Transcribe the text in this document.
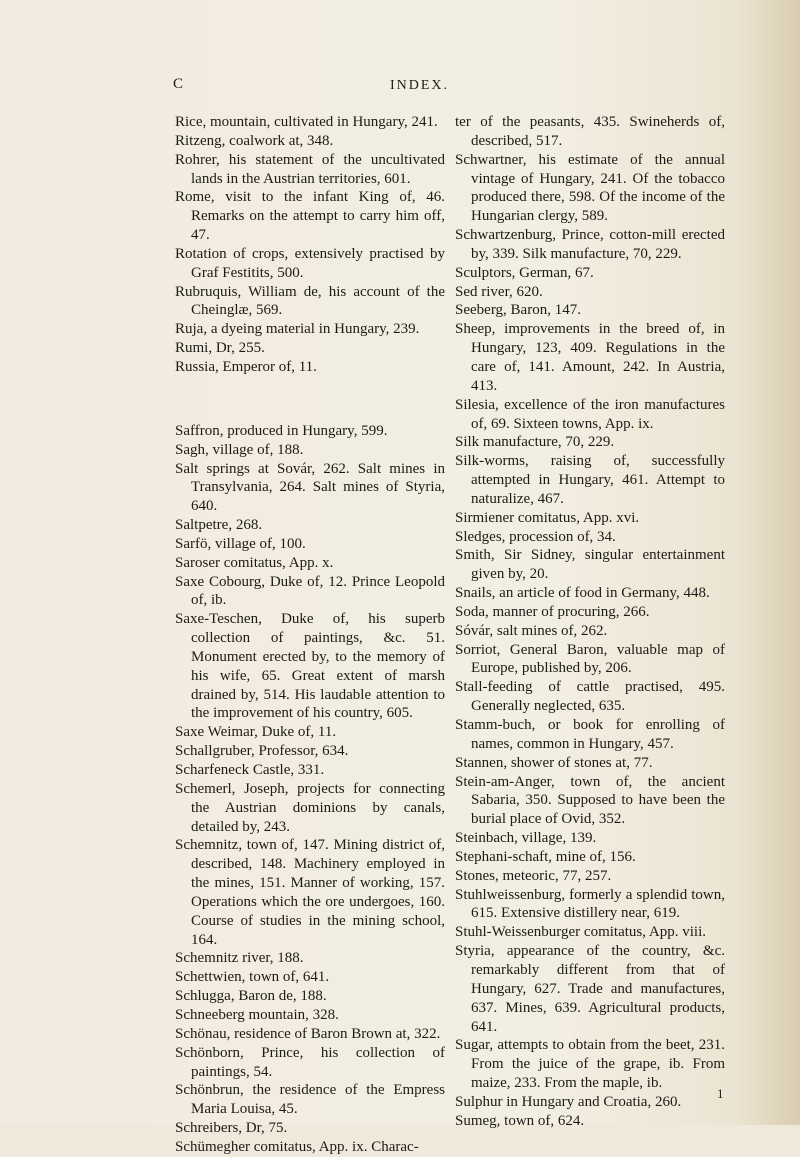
C	INDEX.

Rice, mountain, cultivated in Hungary, 241.

Ritzeng, coalwork at, 348.

Rohrer, his statement of the uncultivated lands in the Austrian territories, 601.

Rome, visit to the infant King of, 46. Remarks on the attempt to carry him off, 47.

Rotation of crops, extensively practised by Graf Festitits, 500.

Rubruquis, William de, his account of the Cheinglæ, 569.

Ruja, a dyeing material in Hungary, 239.

Rumi, Dr, 255.

Russia, Emperor of, 11.

Saffron, produced in Hungary, 599.

Sagh, village of, 188.

Salt springs at Sovár, 262. Salt mines in Transylvania, 264. Salt mines of Styria, 640.

Saltpetre, 268.

Sarfö, village of, 100.

Saroser comitatus, App. x.

Saxe Cobourg, Duke of, 12. Prince Leopold of, ib.

Saxe-Teschen, Duke of, his superb collection of paintings, &c. 51. Monument erected by, to the memory of his wife, 65. Great extent of marsh drained by, 514. His laudable attention to the improvement of his country, 605.

Saxe Weimar, Duke of, 11.

Schallgruber, Professor, 634.

Scharfeneck Castle, 331.

Schemerl, Joseph, projects for connecting the Austrian dominions by canals, detailed by, 243.

Schemnitz, town of, 147. Mining district of, described, 148. Machinery employed in the mines, 151. Manner of working, 157. Operations which the ore undergoes, 160. Course of studies in the mining school, 164.

Schemnitz river, 188.

Schettwien, town of, 641.

Schlugga, Baron de, 188.

Schneeberg mountain, 328.

Schönau, residence of Baron Brown at, 322.

Schönborn, Prince, his collection of paintings, 54.

Schönbrun, the residence of the Empress Maria Louisa, 45.

Schreibers, Dr, 75.

Schümegher comitatus, App. ix. Charac-

ter of the peasants, 435. Swineherds of, described, 517.

Schwartner, his estimate of the annual vintage of Hungary, 241. Of the tobacco produced there, 598. Of the income of the Hungarian clergy, 589.

Schwartzenburg, Prince, cotton-mill erected by, 339. Silk manufacture, 70, 229.

Sculptors, German, 67.

Sed river, 620.

Seeberg, Baron, 147.

Sheep, improvements in the breed of, in Hungary, 123, 409. Regulations in the care of, 141. Amount, 242. In Austria, 413.

Silesia, excellence of the iron manufactures of, 69. Sixteen towns, App. ix.

Silk manufacture, 70, 229.

Silk-worms, raising of, successfully attempted in Hungary, 461. Attempt to naturalize, 467.

Sirmiener comitatus, App. xvi.

Sledges, procession of, 34.

Smith, Sir Sidney, singular entertainment given by, 20.

Snails, an article of food in Germany, 448.

Soda, manner of procuring, 266.

Sóvár, salt mines of, 262.

Sorriot, General Baron, valuable map of Europe, published by, 206.

Stall-feeding of cattle practised, 495. Generally neglected, 635.

Stamm-buch, or book for enrolling of names, common in Hungary, 457.

Stannen, shower of stones at, 77.

Stein-am-Anger, town of, the ancient Sabaria, 350. Supposed to have been the burial place of Ovid, 352.

Steinbach, village, 139.

Stephani-schaft, mine of, 156.

Stones, meteoric, 77, 257.

Stuhlweissenburg, formerly a splendid town, 615. Extensive distillery near, 619.

Stuhl-Weissenburger comitatus, App. viii.

Styria, appearance of the country, &c. remarkably different from that of Hungary, 627. Trade and manufactures, 637. Mines, 639. Agricultural products, 641.

Sugar, attempts to obtain from the beet, 231. From the juice of the grape, ib. From maize, 233. From the maple, ib.

Sulphur in Hungary and Croatia, 260.

Sumeg, town of, 624.

1
